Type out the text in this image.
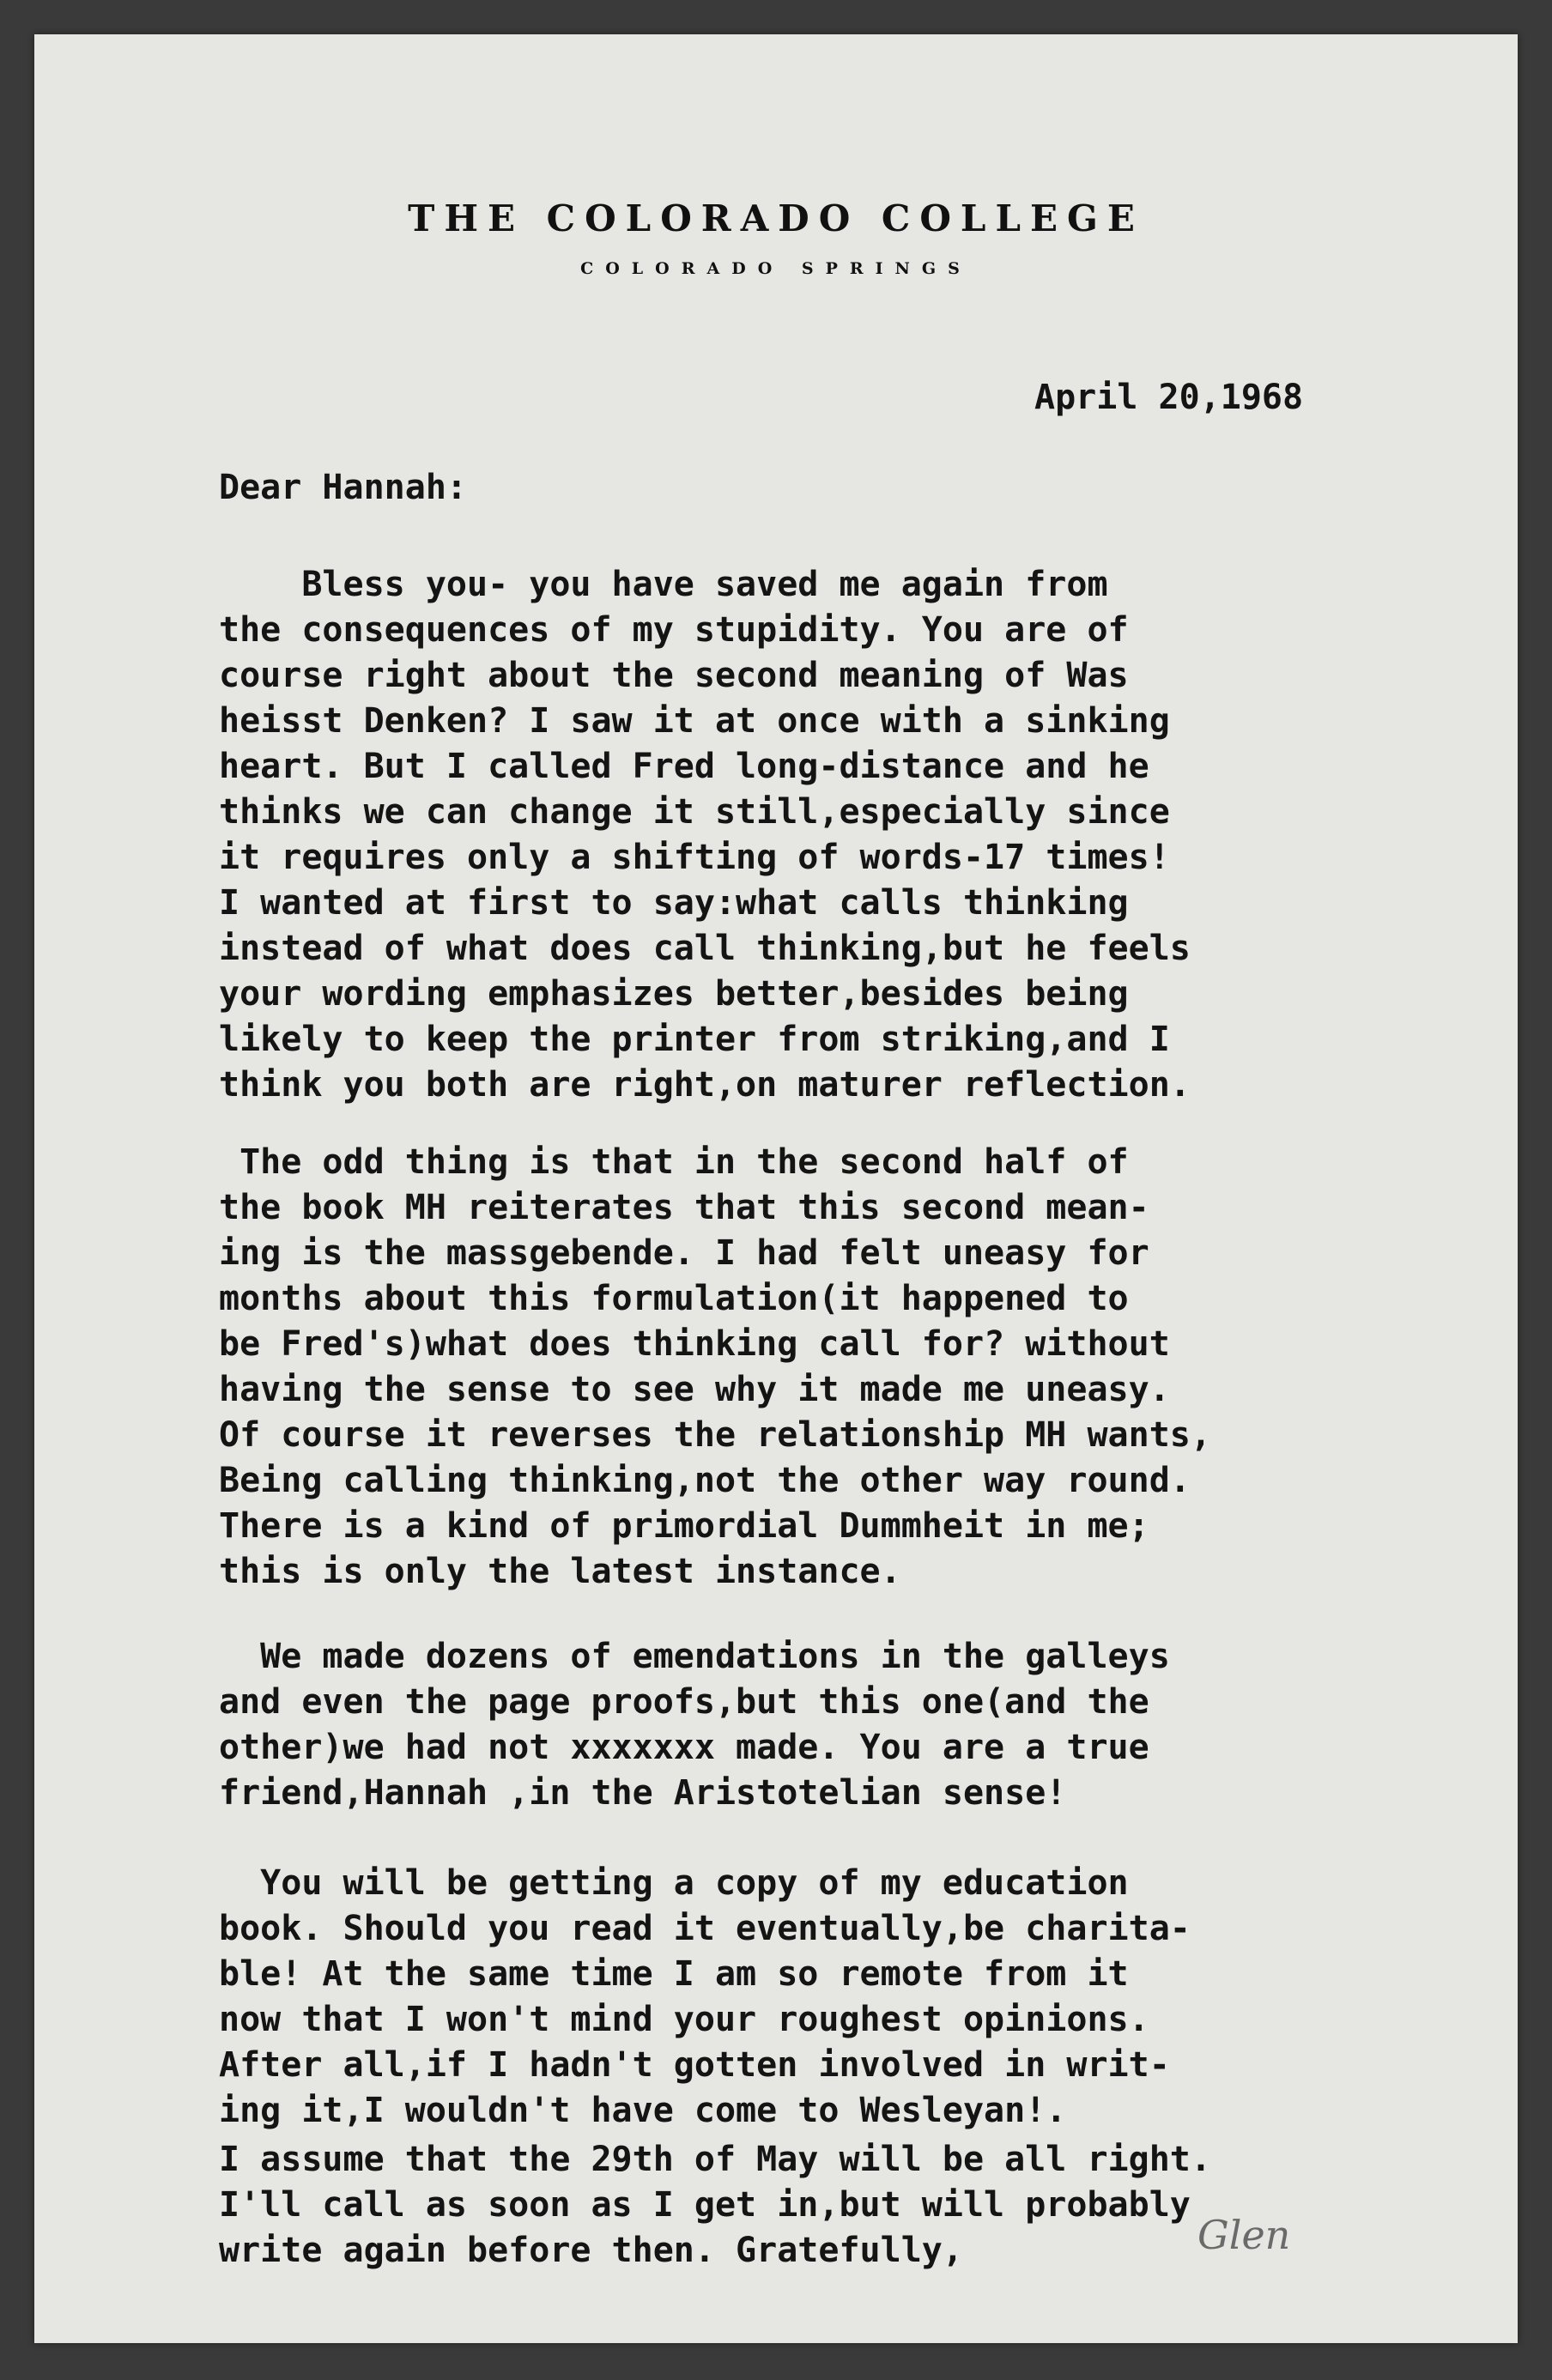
THE COLORADO COLLEGE
COLORADO SPRINGS
April 20,1968
Dear Hannah:

Bless you- you have saved me again from
the consequences of my stupidity. You are of
course right about the second meaning of Was
heisst Denken? I saw it at once with a sinking
heart. But I called Fred long-distance and he
thinks we can change it still,especially since
it requires only a shifting of words-17 times!
I wanted at first to say:what calls thinking
instead of what does call thinking,but he feels
your wording emphasizes better,besides being
likely to keep the printer from striking,and I
think you both are right,on maturer reflection.

The odd thing is that in the second half of
the book MH reiterates that this second mean-
ing is the massgebende. I had felt uneasy for
months about this formulation(it happened to
be Fred's)what does thinking call for? without
having the sense to see why it made me uneasy.
Of course it reverses the relationship MH wants,
Being calling thinking,not the other way round.
There is a kind of primordial Dummheit in me;
this is only the latest instance.

We made dozens of emendations in the galleys
and even the page proofs,but this one(and the
other)we had not xxxxxxx made. You are a true
friend,Hannah ,in the Aristotelian sense!

You will be getting a copy of my education
book. Should you read it eventually,be charita-
ble! At the same time I am so remote from it
now that I won't mind your roughest opinions.
After all,if I hadn't gotten involved in writ-
ing it,I wouldn't have come to Wesleyan!.

I assume that the 29th of May will be all right.
I'll call as soon as I get in,but will probably
write again before then. Gratefully,	Glen
